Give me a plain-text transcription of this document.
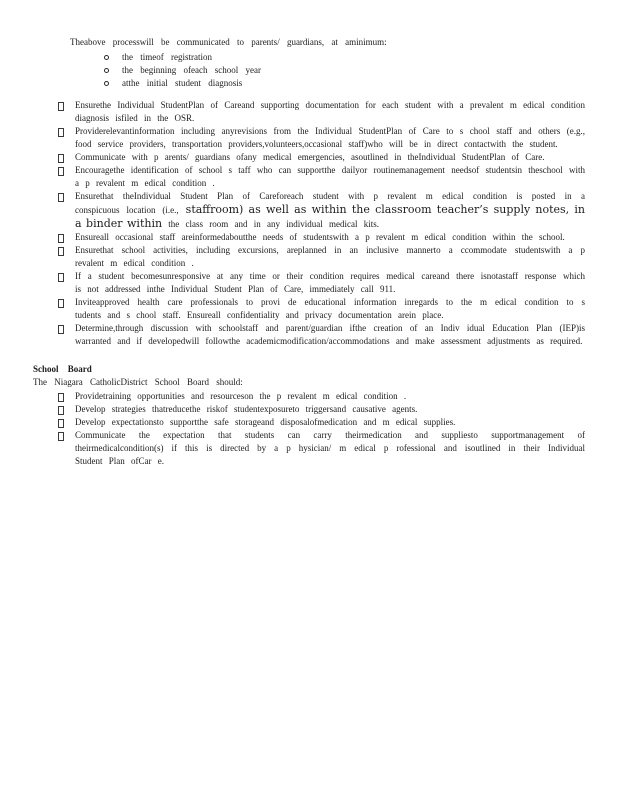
Theabove processwill be communicated to parents/ guardians, at aminimum:

the timeof registration
the beginning ofeach school year
atthe initial student diagnosis
Ensurethe Individual StudentPlan of Careand supporting documentation for each student with a prevalent m edical condition diagnosis isfiled in the OSR.
Providerelevantinformation including anyrevisions from the Individual StudentPlan of Care to s chool staff and others (e.g., food service providers, transportation providers,volunteers,occasional staff)who will be in direct contactwith the student.
Communicate with p arents/ guardians ofany medical emergencies, asoutlined in theIndividual StudentPlan of Care.
Encouragethe identification of school s taff who can supportthe dailyor routinemanagement needsof studentsin theschool with a p revalent m edical condition .
Ensurethat theIndividual Student Plan of Careforeach student with p revalent m edical condition is posted in a conspicuous location (i.e., staffroom) as well as within the classroom teacher’s supply notes, in a binder within the class room and in any individual medical kits.
Ensureall occasional staff areinformedaboutthe needs of studentswith a p revalent m edical condition within the school.
Ensurethat school activities, including excursions, areplanned in an inclusive mannerto a ccommodate studentswith a p revalent m edical condition .
If a student becomesunresponsive at any time or their condition requires medical careand there isnotastaff response which is not addressed inthe Individual Student Plan of Care, immediately call 911.
Inviteapproved health care professionals to provi de educational information inregards to the m edical condition to s tudents and s chool staff. Ensureall confidentiality and privacy documentation arein place.
Determine,through discussion with schoolstaff and parent/guardian ifthe creation of an Indiv idual Education Plan (IEP)is warranted and if developedwill followthe academicmodification/accommodations and make assessment adjustments as required.
School Board

The Niagara CatholicDistrict School Board should:

Providetraining opportunities and resourceson the p revalent m edical condition .
Develop strategies thatreducethe riskof studentexposureto triggersand causative agents.
Develop expectationsto supportthe safe storageand disposalofmedication and m edical supplies.
Communicate the expectation that students can carry theirmedication and suppliesto supportmanagement of theirmedicalcondition(s) if this is directed by a p hysician/ m edical p rofessional and isoutlined in their Individual Student Plan ofCar e.
